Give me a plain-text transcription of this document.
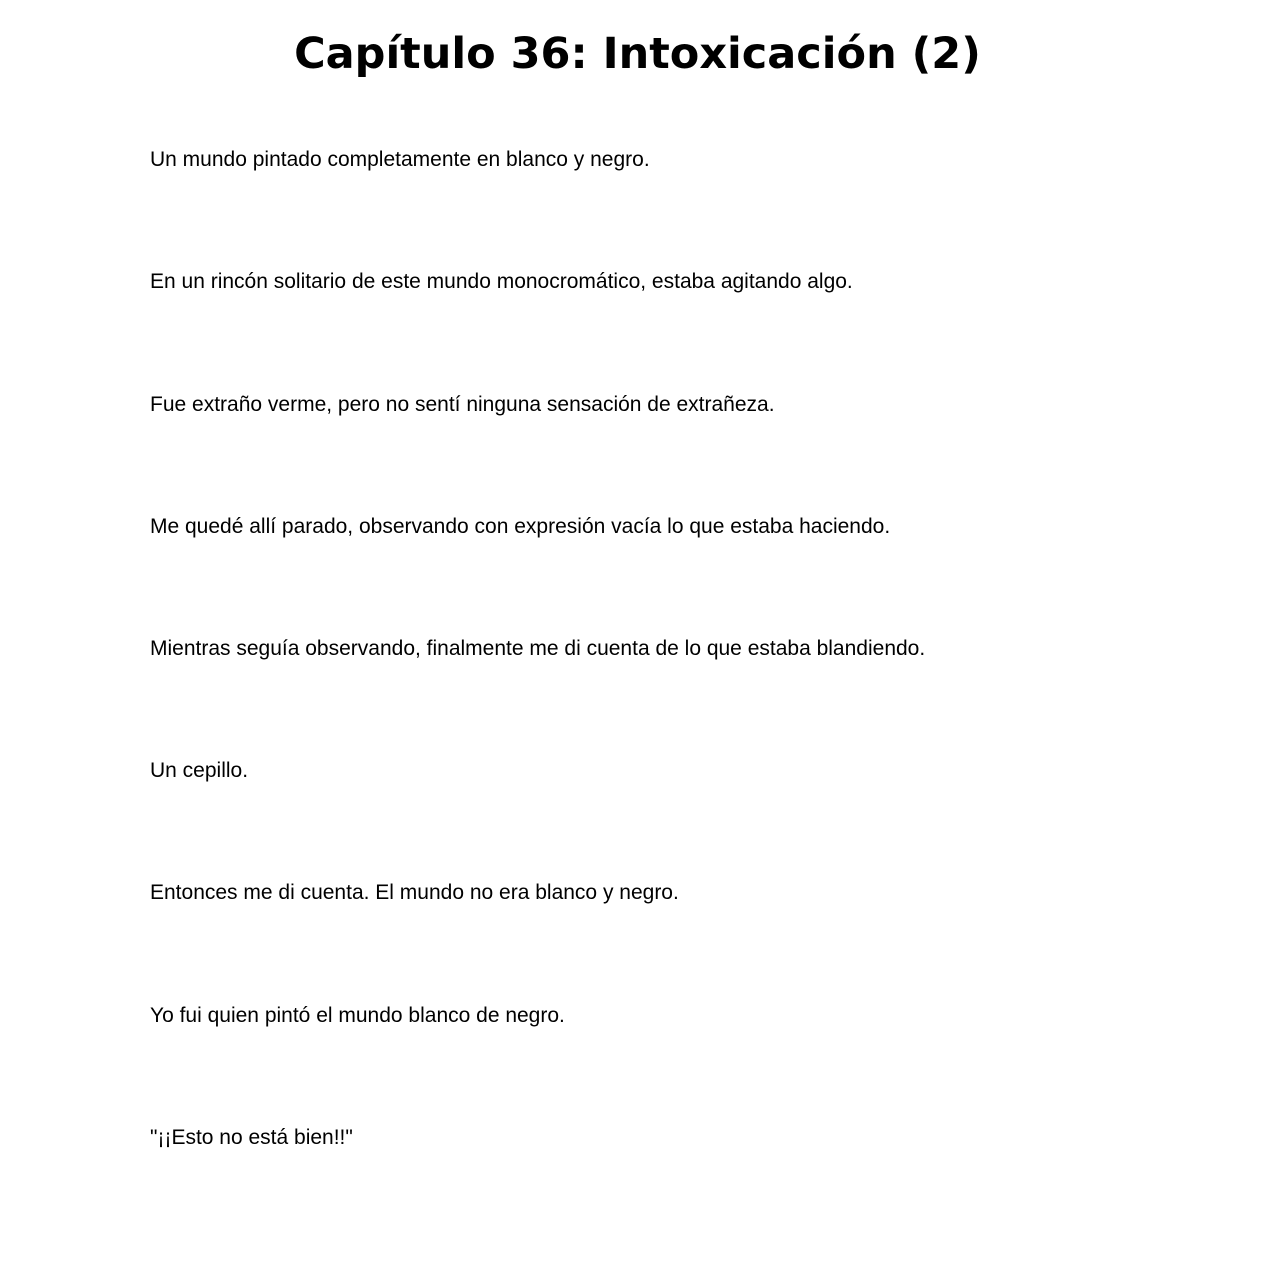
Capítulo 36: Intoxicación (2)

Un mundo pintado completamente en blanco y negro.

En un rincón solitario de este mundo monocromático, estaba agitando algo.

Fue extraño verme, pero no sentí ninguna sensación de extrañeza.

Me quedé allí parado, observando con expresión vacía lo que estaba haciendo.

Mientras seguía observando, finalmente me di cuenta de lo que estaba blandiendo.

Un cepillo.

Entonces me di cuenta. El mundo no era blanco y negro.

Yo fui quien pintó el mundo blanco de negro.

"¡¡Esto no está bien!!"
